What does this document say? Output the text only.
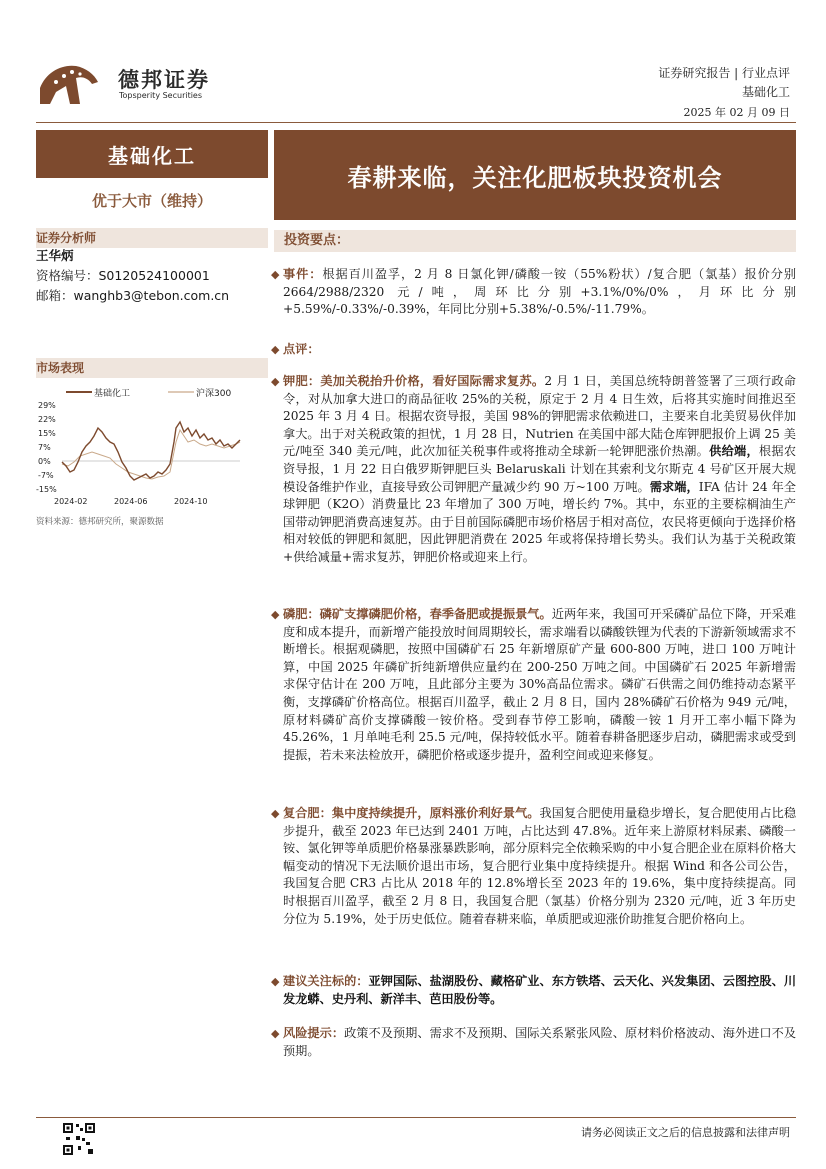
德邦证券
Topsperity Securities
证券研究报告 | 行业点评
基础化工
2025 年 02 月 09 日
基础化工
优于大市（维持）
证券分析师
王华炳
资格编号：S0120524100001
邮箱：wanghb3@tebon.com.cn
市场表现
基础化工	沪深300
29%
22%
15%
7%
0%
-7%
-15%
2024-02	2024-06	2024-10
资料来源：德邦研究所，聚源数据
春耕来临，关注化肥板块投资机会
投资要点：
◆ 事件：根据百川盈孚，2 月 8 日氯化钾/磷酸一铵（55%粉状）/复合肥（氯基）报价分别 2664/2988/2320 元/吨，周环比分别+3.1%/0%/0%，月环比分别+5.59%/-0.33%/-0.39%，年同比分别+5.38%/-0.5%/-11.79%。
◆ 点评：
◆ 钾肥：美加关税抬升价格，看好国际需求复苏。2 月 1 日，美国总统特朗普签署了三项行政命令，对从加拿大进口的商品征收 25%的关税，原定于 2 月 4 日生效，后将其实施时间推迟至 2025 年 3 月 4 日。根据农资导报，美国 98%的钾肥需求依赖进口，主要来自北美贸易伙伴加拿大。出于对关税政策的担忧，1 月 28 日，Nutrien 在美国中部大陆仓库钾肥报价上调 25 美元/吨至 340 美元/吨，此次加征关税事件或将推动全球新一轮钾肥涨价热潮。供给端，根据农资导报，1 月 22 日白俄罗斯钾肥巨头 Belaruskali 计划在其索利戈尔斯克 4 号矿区开展大规模设备维护作业，直接导致公司钾肥产量减少约 90 万~100 万吨。需求端，IFA 估计 24 年全球钾肥（K2O）消费量比 23 年增加了 300 万吨，增长约 7%。其中，东亚的主要棕榈油生产国带动钾肥消费高速复苏。由于目前国际磷肥市场价格居于相对高位，农民将更倾向于选择价格相对较低的钾肥和氮肥，因此钾肥消费在 2025 年或将保持增长势头。我们认为基于关税政策+供给减量+需求复苏，钾肥价格或迎来上行。
◆ 磷肥：磷矿支撑磷肥价格，春季备肥或提振景气。近两年来，我国可开采磷矿品位下降，开采难度和成本提升，而新增产能投放时间周期较长，需求端看以磷酸铁锂为代表的下游新领域需求不断增长。根据观磷肥，按照中国磷矿石 25 年新增原矿产量 600-800 万吨，进口 100 万吨计算，中国 2025 年磷矿折纯新增供应量约在 200-250 万吨之间。中国磷矿石 2025 年新增需求保守估计在 200 万吨，且此部分主要为 30%高品位需求。磷矿石供需之间仍维持动态紧平衡，支撑磷矿价格高位。根据百川盈孚，截止 2 月 8 日，国内 28%磷矿石价格为 949 元/吨，原材料磷矿高价支撑磷酸一铵价格。受到春节停工影响，磷酸一铵 1 月开工率小幅下降为 45.26%，1 月单吨毛利 25.5 元/吨，保持较低水平。随着春耕备肥逐步启动，磷肥需求或受到提振，若未来法检放开，磷肥价格或逐步提升，盈利空间或迎来修复。
◆ 复合肥：集中度持续提升，原料涨价利好景气。我国复合肥使用量稳步增长，复合肥使用占比稳步提升，截至 2023 年已达到 2401 万吨，占比达到 47.8%。近年来上游原材料尿素、磷酸一铵、氯化钾等单质肥价格暴涨暴跌影响，部分原料完全依赖采购的中小复合肥企业在原料价格大幅变动的情况下无法顺价退出市场，复合肥行业集中度持续提升。根据 Wind 和各公司公告，我国复合肥 CR3 占比从 2018 年的 12.8%增长至 2023 年的 19.6%，集中度持续提高。同时根据百川盈孚，截至 2 月 8 日，我国复合肥（氯基）价格分别为 2320 元/吨，近 3 年历史分位为 5.19%，处于历史低位。随着春耕来临，单质肥或迎涨价助推复合肥价格向上。
◆ 建议关注标的：亚钾国际、盐湖股份、藏格矿业、东方铁塔、云天化、兴发集团、云图控股、川发龙蟒、史丹利、新洋丰、芭田股份等。
◆ 风险提示：政策不及预期、需求不及预期、国际关系紧张风险、原材料价格波动、海外进口不及预期。
请务必阅读正文之后的信息披露和法律声明
